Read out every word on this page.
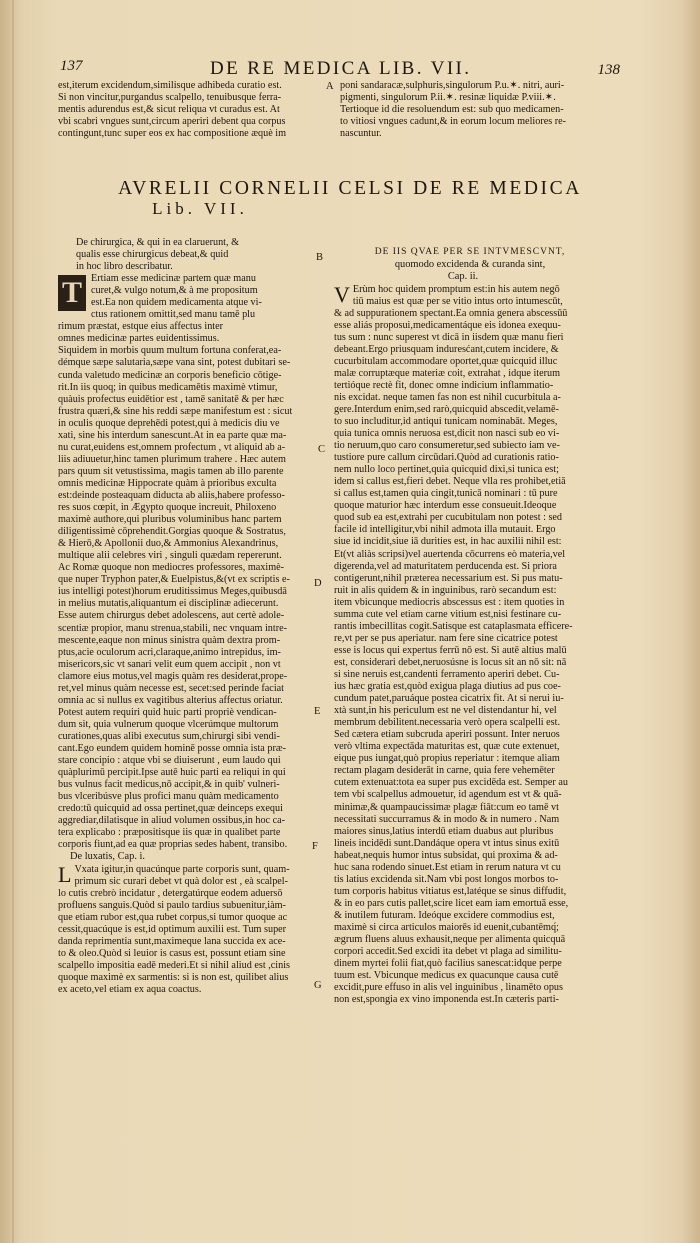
137	DE RE MEDICA LIB. VII.	138

est,iterum excidendum,similisque adhibeda curatio est.

Si non vincitur,purgandus scalpello, tenuibusque ferra-

mentis adurendus est,& sicut reliqua vt curadus est. At

vbi scabri vngues sunt,circum aperiri debent qua corpus

contingunt,tunc super eos ex hac compositione æquè im

A poni sandaracæ,sulphuris,singulorum P.u.✶. nitri, auri-

pigmenti, singulorum P.ii.✶. resinæ liquidæ P.viii.✶.

Tertioque id die resoluendum est: sub quo medicamen-

to vitiosi vngues cadunt,& in eorum locum meliores re-

nascuntur.

AVRELII CORNELII CELSI DE RE MEDICA
Lib. VII.

De chirurgica, & qui in ea claruerunt, &

qualis esse chirurgicus debeat,& quid

in hoc libro describatur.

T Ertiam esse medicinæ partem quæ manu

curet,& vulgo notum,& à me propositum

est.Ea non quidem medicamenta atque vi-

ctus rationem omittit,sed manu tamē plu

rimum præstat, estque eius affectus inter

omnes medicinæ partes euidentissimus.

Siquidem in morbis quum multum fortuna conferat,ea-

démque sæpe salutaria,sæpe vana sint, potest dubitari se-

cunda valetudo medicinæ an corporis beneficio cōtige-

rit.In iis quoq; in quibus medicamētis maximè vtimur,

quàuis profectus euidētior est , tamē sanitatē & per hæc

frustra quæri,& sine his reddi sæpe manifestum est : sicut

in oculis quoque deprehēdi potest,qui à medicis diu ve

xati, sine his interdum sanescunt.At in ea parte quæ ma-

nu curat,euidens est,omnem profectum , vt aliquid ab a-

liis adiuuetur,hinc tamen plurimum trahere . Hæc autem

pars quum sit vetustissima, magis tamen ab illo parente

omnis medicinæ Hippocrate quàm à prioribus exculta

est:deinde posteaquam diducta ab aliis,habere professo-

res suos cœpit, in Ægypto quoque increuit, Philoxeno

maximè authore,qui pluribus voluminibus hanc partem

diligentissimè cōprehendit.Gorgias quoque & Sostratus,

& Hierō,& Apollonii duo,& Ammonius Alexandrinus,

multique alii celebres viri , singuli quædam repererunt.

Ac Romæ quoque non mediocres professores, maximè-

que nuper Tryphon pater,& Euelpistus,&(vt ex scriptis e-

ius intelligi potest)horum eruditissimus Meges,quibusdā

in melius mutatis,aliquantum ei disciplinæ adiecerunt.

Esse autem chirurgus debet adolescens, aut certè adole-

scentiæ propior, manu strenua,stabili, nec vnquam intre-

mescente,eaque non minus sinistra quàm dextra prom-

ptus,acie oculorum acri,claraque,animo intrepidus, im-

misericors,sic vt sanari velit eum quem accipit , non vt

clamore eius motus,vel magis quàm res desiderat,prope-

ret,vel minus quàm necesse est, secet:sed perinde faciat

omnia ac si nullus ex vagitibus alterius affectus oriatur.

Potest autem requiri quid huic parti propriè vendican-

dum sit, quia vulnerum quoque vlcerúmque multorum

curationes,quas alibi executus sum,chirurgi sibi vendi-

cant.Ego eundem quidem hominē posse omnia ista præ-

stare concipio : atque vbi se diuiserunt , eum laudo qui

quàplurimū percipit.Ipse autē huic parti ea reliqui in qui

bus vulnus facit medicus,nō accipit,& in quib' vulneri-

bus vlceribúsve plus profici manu quàm medicamento

credo:tū quicquid ad ossa pertinet,quæ deinceps exequi

aggrediar,dilatisque in aliud volumen ossibus,in hoc ca-

tera explicabo : præpositisque iis quæ in qualibet parte

corporis fiunt,ad ea quæ proprias sedes habent, transibo.

De luxatis, Cap. i.
L Vxata igitur,in quacúnque parte corporis sunt, quam-

primum sic curari debet vt quà dolor est , eà scalpel-

lo cutis crebrò incidatur , detergatúrque eodem aduersō

profluens sanguis.Quòd si paulo tardius subuenitur,iàm-

que etiam rubor est,qua rubet corpus,si tumor quoque ac

cessit,quacúque is est,id optimum auxilii est. Tum super

danda reprimentia sunt,maximeque lana succida ex ace-

to & oleo.Quòd si leuior is casus est, possunt etiam sine

scalpello impositia eadē mederi.Et si nihil aliud est ,cinis

quoque maximè ex sarmentis: si is non est, quilibet alius

ex aceto,vel etiam ex aqua coactus.

B
C
D
E
F
G
DE IIS QVAE PER SE INTVMESCVNT,
quomodo excidenda & curanda sint,
Cap. ii.
V Erùm hoc quidem promptum est:in his autem negō

tiū maius est quæ per se vitio intus orto intumescūt,

& ad suppurationem spectant.Ea omnia genera abscessūū

esse aliás proposui,medicamentáque eis idonea exequu-

tus sum : nunc superest vt dicā in iisdem quæ manu fieri

debeant.Ergo priusquam induresćant,cutem incidere, &

cucurbitulam accommodare oportet,quæ quicquid illuc

malæ corruptæque materiæ coit, extrahat , idque iterum

tertióque rectè fit, donec omne indicium inflammatio-

nis excidat. neque tamen fas non est nihil cucurbitula a-

gere.Interdum enim,sed rarò,quicquid abscedit,velamē-

to suo includitur,id antiqui tunicam nominabāt. Meges,

quia tunica omnis neruosa est,dicit non nasci sub eo vi-

tio neruum,quo caro consumeretur,sed subiecto iam ve-

tustiore pure callum circūdari.Quòd ad curationis ratio-

nem nullo loco pertinet,quia quicquid dixi,si tunica est;

idem si callus est,fieri debet. Neque vlla res prohibet,etiā

si callus est,tamen quia cingit,tunicā nominari : tū pure

quoque maturior hæc interdum esse consueuit.Ideoque

quod sub ea est,extrahi per cucubitulam non potest : sed

facile id intelligitur,vbi nihil admota illa mutauit. Ergo

siue id incidit,siue iā durities est, in hac auxilii nihil est:

Et(vt aliàs scripsi)vel auertenda cōcurrens eò materia,vel

digerenda,vel ad maturitatem perducenda est. Si priora

contigerunt,nihil præterea necessarium est. Si pus matu-

ruit in alis quidem & in inguinibus, rarò secandum est:

item vbicunque mediocris abscessus est : item quoties in

summa cute vel etiam carne vitium est,nisi festinare cu-

rantis imbecillitas cogit.Satisque est cataplasmata efficere-

re,vt per se pus aperiatur. nam fere sine cicatrice potest

esse is locus qui expertus ferrū nō est. Si autē altius malū

est, considerari debet,neruosúsne is locus sit an nō sit: nā

si sine neruis est,candenti ferramento aperiri debet. Cu-

ius hæc gratia est,quòd exigua plaga diutius ad pus coe-

cundum patet,paruáque postea cicatrix fit. At si nerui iu-

xtà sunt,in his periculum est ne vel distendantur hi, vel

membrum debilitent.necessaria verò opera scalpelli est.

Sed cætera etiam subcruda aperiri possunt. Inter neruos

verò vltima expectāda maturitas est, quæ cute extenuet,

eique pus iungat,quò propius reperiatur : itemque aliam

rectam plagam desiderāt in carne, quia fere vehemēter

cutem extenuat:tota ea super pus excidēda est. Semper au

tem vbi scalpellus admouetur, id agendum est vt & quā-

minimæ,& quampaucissimæ plagæ fiāt:cum eo tamē vt

necessitati succurramus & in modo & in numero . Nam

maiores sinus,latius interdū etiam duabus aut pluribus

lineis incidēdi sunt.Dandáque opera vt intus sinus exitū

habeat,nequis humor intus subsidat, qui proxima & ad-

huc sana rodendo sinuet.Est etiam in rerum natura vt cu

tis latius excidenda sit.Nam vbi post longos morbos to-

tum corporis habitus vitiatus est,latéque se sinus diffudit,

& in eo pars cutis pallet,scire licet eam iam emortuā esse,

& inutilem futuram. Ideóque excidere commodius est,

maximè si circa articulos maiorēs id euenit,cubantēmq́;

ægrum fluens aluus exhausit,neque per alimenta quicquā

corpori accedit.Sed excidi ita debet vt plaga ad similitu-

dinem myrtei folii fiat,quò facilius sanescat:idque perpe

tuum est. Vbicunque medicus ex quacunque causa cutē

excidit,pure effuso in alis vel inguinibus , linamēto opus

non est,spongia ex vino imponenda est.In cæteris parti-
